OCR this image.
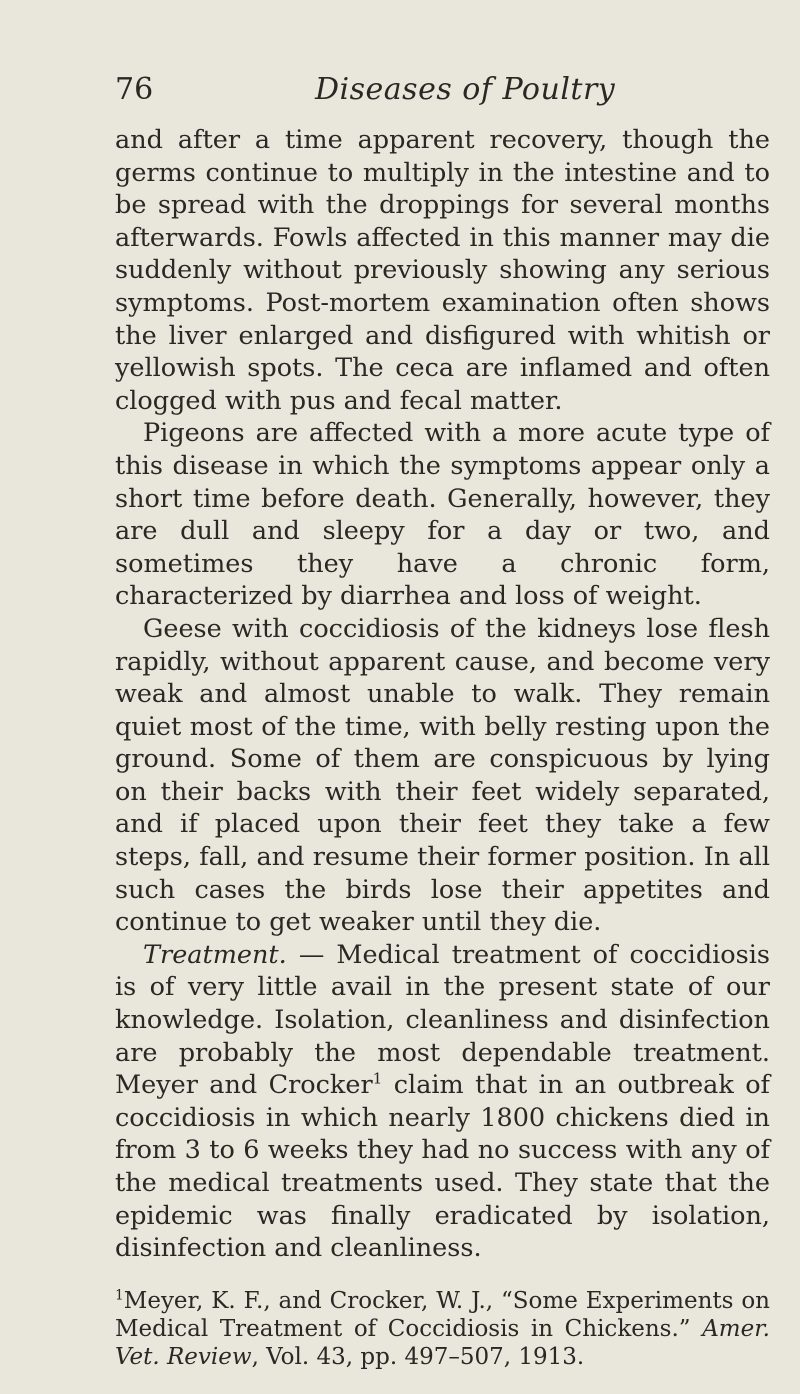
76	Diseases of Poultry

and after a time apparent recovery, though the germs continue to multiply in the intestine and to be spread with the droppings for several months afterwards. Fowls affected in this manner may die suddenly without previously showing any serious symptoms. Post-mortem examination often shows the liver enlarged and disfigured with whitish or yellowish spots. The ceca are inflamed and often clogged with pus and fecal matter.

Pigeons are affected with a more acute type of this disease in which the symptoms appear only a short time before death. Generally, however, they are dull and sleepy for a day or two, and sometimes they have a chronic form, characterized by diarrhea and loss of weight.

Geese with coccidiosis of the kidneys lose flesh rapidly, without apparent cause, and become very weak and almost unable to walk. They remain quiet most of the time, with belly resting upon the ground. Some of them are conspicuous by lying on their backs with their feet widely separated, and if placed upon their feet they take a few steps, fall, and resume their former position. In all such cases the birds lose their appetites and continue to get weaker until they die.

Treatment. — Medical treatment of coccidiosis is of very little avail in the present state of our knowledge. Isolation, cleanliness and disinfection are probably the most dependable treatment. Meyer and Crocker$^1$ claim that in an outbreak of coccidiosis in which nearly 1800 chickens died in from 3 to 6 weeks they had no success with any of the medical treatments used. They state that the epidemic was finally eradicated by isolation, disinfection and cleanliness.

$^1$Meyer, K. F., and Crocker, W. J., “Some Experiments on Medical Treatment of Coccidiosis in Chickens.” Amer. Vet. Review, Vol. 43, pp. 497–507, 1913.
